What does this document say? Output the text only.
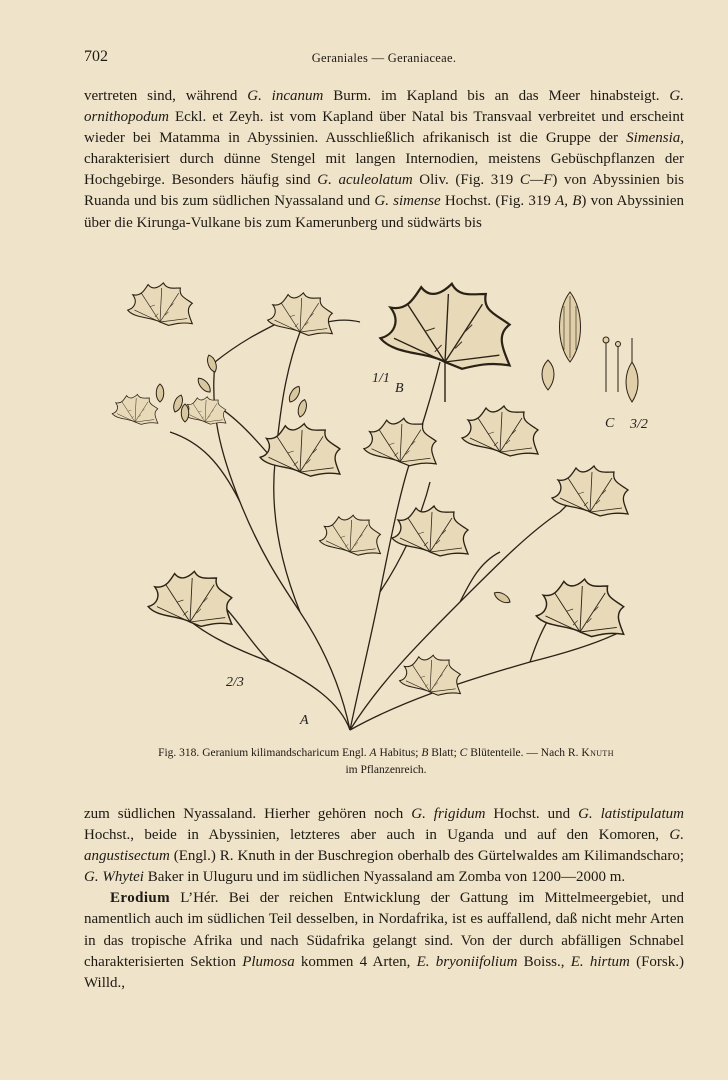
702	Geraniales — Geraniaceae.

vertreten sind, während G. incanum Burm. im Kapland bis an das Meer hinabsteigt. G. ornithopodum Eckl. et Zeyh. ist vom Kapland über Natal bis Transvaal verbreitet und erscheint wieder bei Matamma in Abyssinien. Ausschließlich afrikanisch ist die Gruppe der Simensia, charakterisiert durch dünne Stengel mit langen Internodien, meistens Gebüschpflanzen der Hochgebirge. Besonders häufig sind G. aculeolatum Oliv. (Fig. 319 C—F) von Abyssinien bis Ruanda und bis zum südlichen Nyassaland und G. simense Hochst. (Fig. 319 A, B) von Abyssinien über die Kirunga-Vulkane bis zum Kamerunberg und südwärts bis

A
B
C
2/3
1/1
3/2
Fig. 318. Geranium kilimandscharicum Engl. A Habitus; B Blatt; C Blütenteile. — Nach R. Knuth
im Pflanzenreich.

zum südlichen Nyassaland. Hierher gehören noch G. frigidum Hochst. und G. latistipulatum Hochst., beide in Abyssinien, letzteres aber auch in Uganda und auf den Komoren, G. angustisectum (Engl.) R. Knuth in der Buschregion oberhalb des Gürtelwaldes am Kilimandscharo; G. Whytei Baker in Uluguru und im südlichen Nyassaland am Zomba von 1200—2000 m.

Erodium L’Hér. Bei der reichen Entwicklung der Gattung im Mittelmeergebiet, und namentlich auch im südlichen Teil desselben, in Nordafrika, ist es auffallend, daß nicht mehr Arten in das tropische Afrika und nach Südafrika gelangt sind. Von der durch abfälligen Schnabel charakterisierten Sektion Plumosa kommen 4 Arten, E. bryoniifolium Boiss., E. hirtum (Forsk.) Willd.,
